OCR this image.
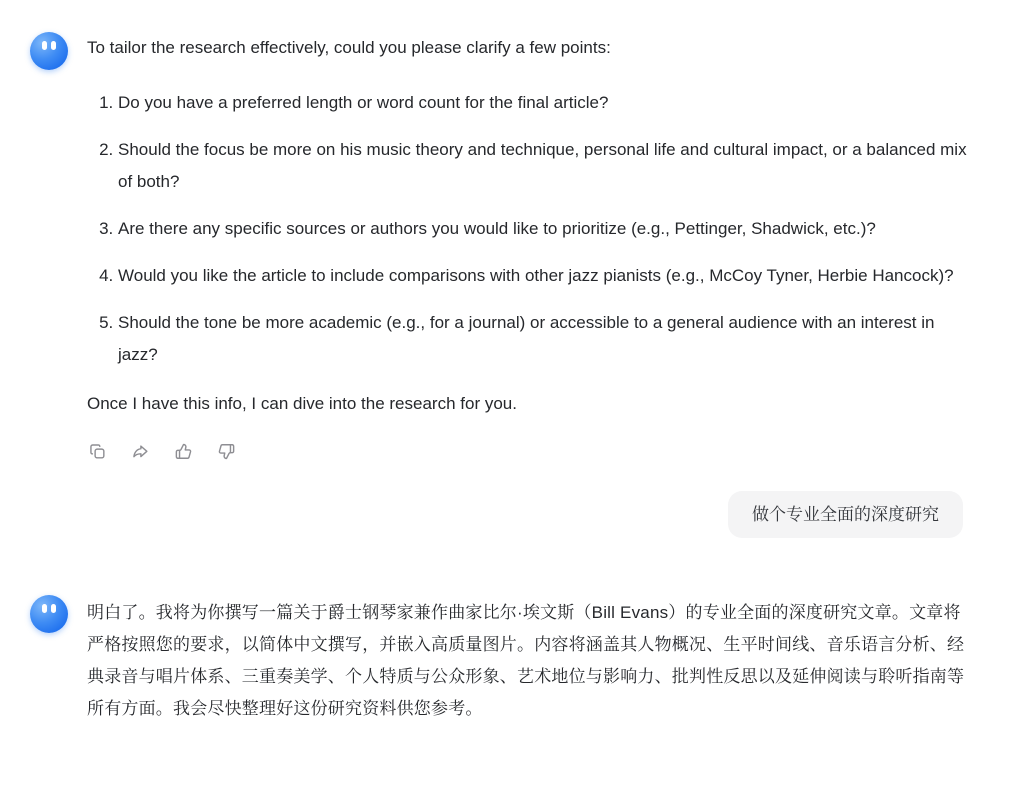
To tailor the research effectively, could you please clarify a few points:

1. Do you have a preferred length or word count for the final article?
2. Should the focus be more on his music theory and technique, personal life and cultural impact, or a balanced mix of both?
3. Are there any specific sources or authors you would like to prioritize (e.g., Pettinger, Shadwick, etc.)?
4. Would you like the article to include comparisons with other jazz pianists (e.g., McCoy Tyner, Herbie Hancock)?
5. Should the tone be more academic (e.g., for a journal) or accessible to a general audience with an interest in jazz?

Once I have this info, I can dive into the research for you.

做个专业全面的深度研究

明白了。我将为你撰写一篇关于爵士钢琴家兼作曲家比尔·埃文斯（Bill Evans）的专业全面的深度研究文章。文章将严格按照您的要求，以简体中文撰写，并嵌入高质量图片。内容将涵盖其人物概况、生平时间线、音乐语言分析、经典录音与唱片体系、三重奏美学、个人特质与公众形象、艺术地位与影响力、批判性反思以及延伸阅读与聆听指南等所有方面。我会尽快整理好这份研究资料供您参考。
